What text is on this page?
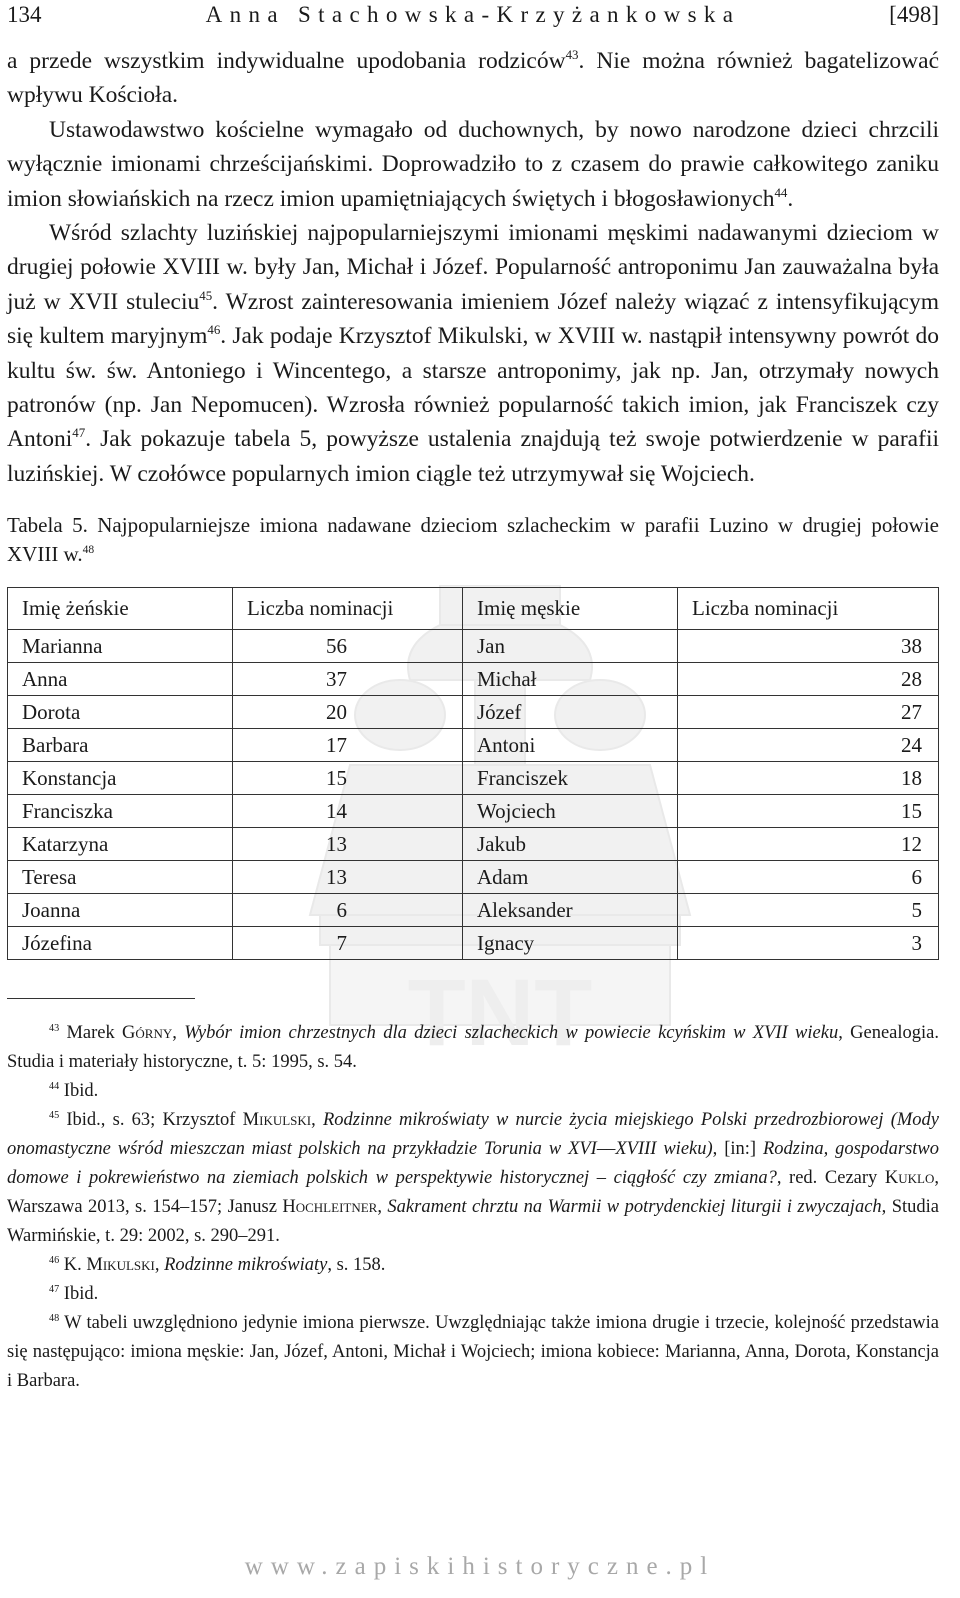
TNT
134	Anna Stachowska-Krzyżankowska	[498]

a przede wszystkim indywidualne upodobania rodziców$^{43}$. Nie można również bagatelizować wpływu Kościoła.

Ustawodawstwo kościelne wymagało od duchownych, by nowo narodzone dzieci chrzcili wyłącznie imionami chrześcijańskimi. Doprowadziło to z czasem do prawie całkowitego zaniku imion słowiańskich na rzecz imion upamiętniających świętych i błogosławionych$^{44}$.

Wśród szlachty luzińskiej najpopularniejszymi imionami męskimi nadawanymi dzieciom w drugiej połowie XVIII w. były Jan, Michał i Józef. Popularność antroponimu Jan zauważalna była już w XVII stuleciu$^{45}$. Wzrost zainteresowania imieniem Józef należy wiązać z intensyfikującym się kultem maryjnym$^{46}$. Jak podaje Krzysztof Mikulski, w XVIII w. nastąpił intensywny powrót do kultu św. św. Antoniego i Wincentego, a starsze antroponimy, jak np. Jan, otrzymały nowych patronów (np. Jan Nepomucen). Wzrosła również popularność takich imion, jak Franciszek czy Antoni$^{47}$. Jak pokazuje tabela 5, powyższe ustalenia znajdują też swoje potwierdzenie w parafii luzińskiej. W czołówce popularnych imion ciągle też utrzymywał się Wojciech.

Tabela 5. Najpopularniejsze imiona nadawane dzieciom szlacheckim w parafii Luzino w drugiej połowie XVIII w.$^{48}$
Imię żeńskie	Liczba nominacji	Imię męskie	Liczba nominacji
Marianna	56	Jan	38
Anna	37	Michał	28
Dorota	20	Józef	27
Barbara	17	Antoni	24
Konstancja	15	Franciszek	18
Franciszka	14	Wojciech	15
Katarzyna	13	Jakub	12
Teresa	13	Adam	6
Joanna	6	Aleksander	5
Józefina	7	Ignacy	3

$^{43}$ Marek Górny, Wybór imion chrzestnych dla dzieci szlacheckich w powiecie kcyńskim w XVII wieku, Genealogia. Studia i materiały historyczne, t. 5: 1995, s. 54.

$^{44}$ Ibid.

$^{45}$ Ibid., s. 63; Krzysztof Mikulski, Rodzinne mikroświaty w nurcie życia miejskiego Polski przedrozbiorowej (Mody onomastyczne wśród mieszczan miast polskich na przykładzie Torunia w XVI––XVIII wieku), [in:] Rodzina, gospodarstwo domowe i pokrewieństwo na ziemiach polskich w perspektywie historycznej – ciągłość czy zmiana?, red. Cezary Kuklo, Warszawa 2013, s. 154–157; Janusz Hochleitner, Sakrament chrztu na Warmii w potrydenckiej liturgii i zwyczajach, Studia Warmińskie, t. 29: 2002, s. 290–291.

$^{46}$ K. Mikulski, Rodzinne mikroświaty, s. 158.

$^{47}$ Ibid.

$^{48}$ W tabeli uwzględniono jedynie imiona pierwsze. Uwzględniając także imiona drugie i trzecie, kolejność przedstawia się następująco: imiona męskie: Jan, Józef, Antoni, Michał i Wojciech; imiona kobiece: Marianna, Anna, Dorota, Konstancja i Barbara.

www.zapiskihistoryczne.pl
